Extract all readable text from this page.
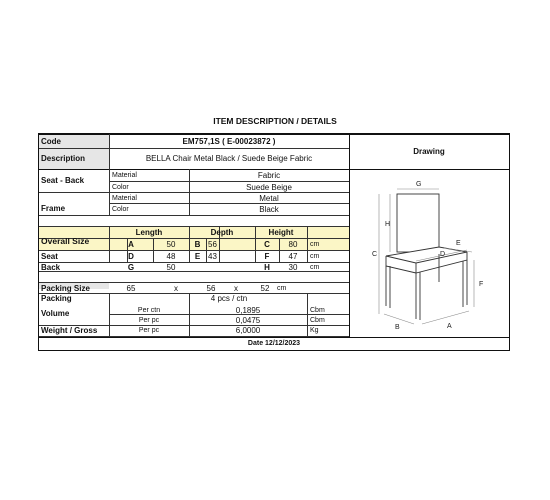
ITEM DESCRIPTION / DETAILS
Code	EM757,1S ( E-00023872 )
Description	BELLA Chair Metal Black / Suede Beige Fabric
Drawing
Seat - Back
Material	Fabric
Color	Suede Beige
Frame
Material	Metal
Color	Black
Length	Depth	Height
Overall Size	A	50	B 56	C	80	cm
Seat	D	48	E 43	F	47	cm
Back	G	50	H	30	cm
Packing Size	65	x	56	x	52	cm
Packing	4 pcs / ctn
Volume	Per ctn	0,1895	Cbm
Per pc	0,0475	Cbm
Weight / Gross	Per pc	6,0000	Kg
Date 12/12/2023
G
H
C
E
D
F
B	A
